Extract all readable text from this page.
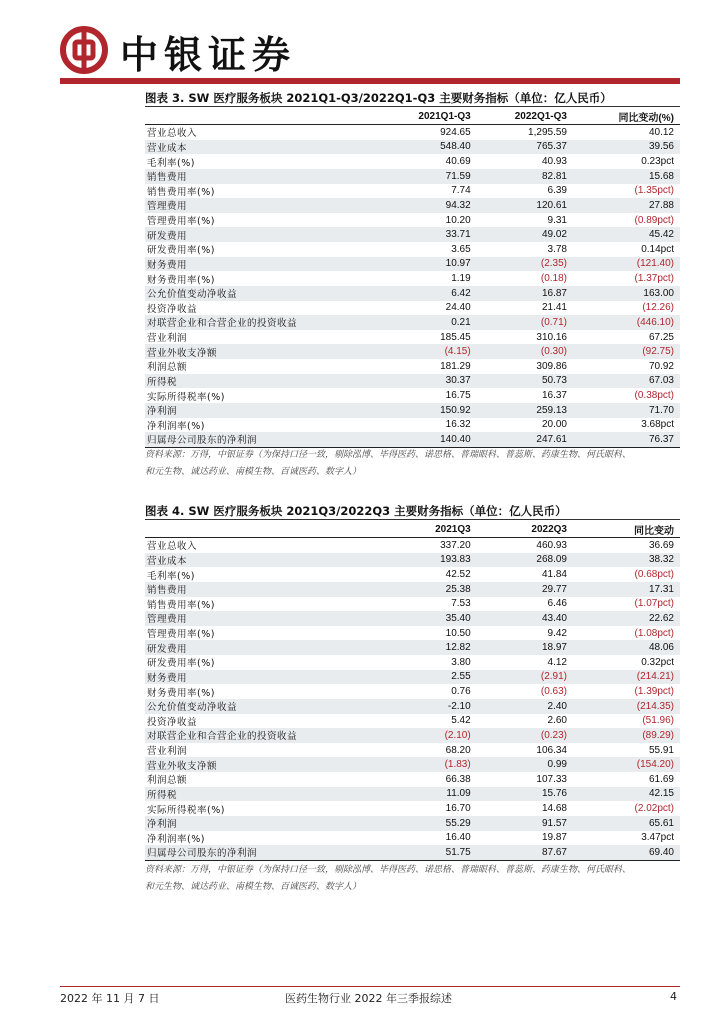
中银证券
图表 3. SW 医疗服务板块 2021Q1-Q3/2022Q1-Q3 主要财务指标（单位：亿人民币）
	2021Q1-Q3	2022Q1-Q3	同比变动(%)
营业总收入	924.65	1,295.59	40.12
营业成本	548.40	765.37	39.56
毛利率(%)	40.69	40.93	0.23pct
销售费用	71.59	82.81	15.68
销售费用率(%)	7.74	6.39	(1.35pct)
管理费用	94.32	120.61	27.88
管理费用率(%)	10.20	9.31	(0.89pct)
研发费用	33.71	49.02	45.42
研发费用率(%)	3.65	3.78	0.14pct
财务费用	10.97	(2.35)	(121.40)
财务费用率(%)	1.19	(0.18)	(1.37pct)
公允价值变动净收益	6.42	16.87	163.00
投资净收益	24.40	21.41	(12.26)
对联营企业和合营企业的投资收益	0.21	(0.71)	(446.10)
营业利润	185.45	310.16	67.25
营业外收支净额	(4.15)	(0.30)	(92.75)
利润总额	181.29	309.86	70.92
所得税	30.37	50.73	67.03
实际所得税率(%)	16.75	16.37	(0.38pct)
净利润	150.92	259.13	71.70
净利润率(%)	16.32	20.00	3.68pct
归属母公司股东的净利润	140.40	247.61	76.37
资料来源：万得，中银证券（为保持口径一致，剔除泓博、毕得医药、诺思格、普瑞眼科、普蕊斯、药康生物、何氏眼科、
和元生物、诚达药业、南模生物、百诚医药、数字人）
图表 4. SW 医疗服务板块 2021Q3/2022Q3 主要财务指标（单位：亿人民币）
	2021Q3	2022Q3	同比变动
营业总收入	337.20	460.93	36.69
营业成本	193.83	268.09	38.32
毛利率(%)	42.52	41.84	(0.68pct)
销售费用	25.38	29.77	17.31
销售费用率(%)	7.53	6.46	(1.07pct)
管理费用	35.40	43.40	22.62
管理费用率(%)	10.50	9.42	(1.08pct)
研发费用	12.82	18.97	48.06
研发费用率(%)	3.80	4.12	0.32pct
财务费用	2.55	(2.91)	(214.21)
财务费用率(%)	0.76	(0.63)	(1.39pct)
公允价值变动净收益	-2.10	2.40	(214.35)
投资净收益	5.42	2.60	(51.96)
对联营企业和合营企业的投资收益	(2.10)	(0.23)	(89.29)
营业利润	68.20	106.34	55.91
营业外收支净额	(1.83)	0.99	(154.20)
利润总额	66.38	107.33	61.69
所得税	11.09	15.76	42.15
实际所得税率(%)	16.70	14.68	(2.02pct)
净利润	55.29	91.57	65.61
净利润率(%)	16.40	19.87	3.47pct
归属母公司股东的净利润	51.75	87.67	69.40
资料来源：万得，中银证券（为保持口径一致，剔除泓博、毕得医药、诺思格、普瑞眼科、普蕊斯、药康生物、何氏眼科、
和元生物、诚达药业、南模生物、百诚医药、数字人）
2022 年 11 月 7 日	医药生物行业 2022 年三季报综述	4
